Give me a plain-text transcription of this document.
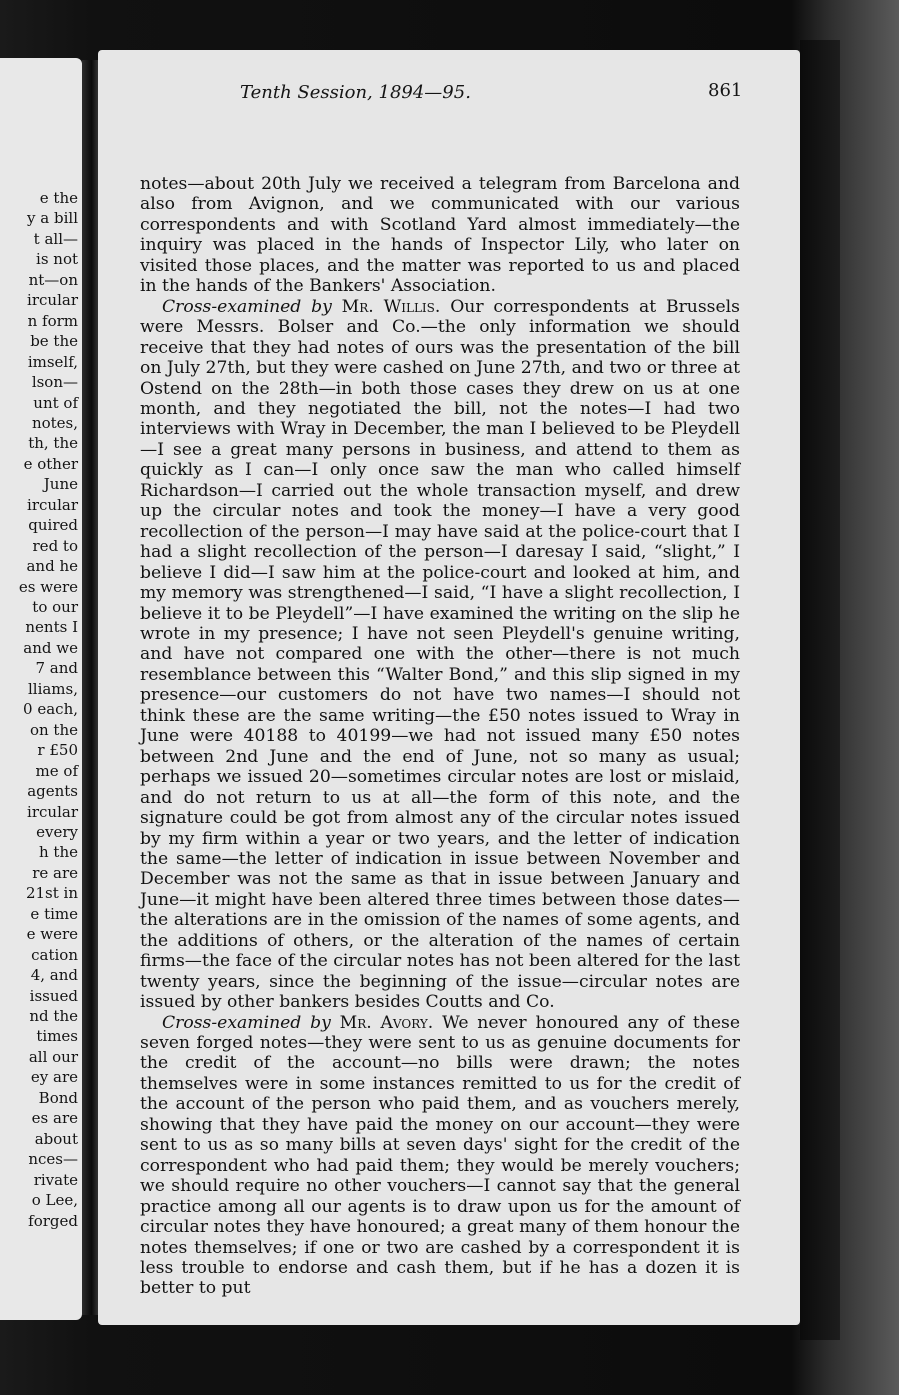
e the
y a bill
t all—
is not
nt—on
ircular
n form
be the
imself,
lson—
unt of
notes,
th, the
e other
June
ircular
quired
red to
and he
es were
to our
nents I
and we
7 and
lliams,
0 each,
on the
r £50
me of
agents
ircular
every
h the
re are
21st in
e time
e were
cation
4, and
issued
nd the
times
all our
ey are
Bond
es are
about
nces—
rivate
o Lee,
forged
Tenth Session, 1894—95.	861

notes—about 20th July we received a telegram from Barcelona and also from Avignon, and we communicated with our various correspondents and with Scotland Yard almost immediately—the inquiry was placed in the hands of Inspector Lily, who later on visited those places, and the matter was reported to us and placed in the hands of the Bankers' Association.

Cross-examined by Mr. Willis. Our correspondents at Brussels were Messrs. Bolser and Co.—the only information we should receive that they had notes of ours was the presentation of the bill on July 27th, but they were cashed on June 27th, and two or three at Ostend on the 28th—in both those cases they drew on us at one month, and they negotiated the bill, not the notes—I had two interviews with Wray in December, the man I believed to be Pleydell—I see a great many persons in business, and attend to them as quickly as I can—I only once saw the man who called himself Richardson—I carried out the whole transaction myself, and drew up the circular notes and took the money—I have a very good recollection of the person—I may have said at the police-court that I had a slight recollection of the person—I daresay I said, “slight,” I believe I did—I saw him at the police-court and looked at him, and my memory was strengthened—I said, “I have a slight recollection, I believe it to be Pleydell”—I have examined the writing on the slip he wrote in my presence; I have not seen Pleydell's genuine writing, and have not compared one with the other—there is not much resemblance between this “Walter Bond,” and this slip signed in my presence—our customers do not have two names—I should not think these are the same writing—the £50 notes issued to Wray in June were 40188 to 40199—we had not issued many £50 notes between 2nd June and the end of June, not so many as usual; perhaps we issued 20—sometimes circular notes are lost or mislaid, and do not return to us at all—the form of this note, and the signature could be got from almost any of the circular notes issued by my firm within a year or two years, and the letter of indication the same—the letter of indication in issue between November and December was not the same as that in issue between January and June—it might have been altered three times between those dates—the alterations are in the omission of the names of some agents, and the additions of others, or the alteration of the names of certain firms—the face of the circular notes has not been altered for the last twenty years, since the beginning of the issue—circular notes are issued by other bankers besides Coutts and Co.

Cross-examined by Mr. Avory. We never honoured any of these seven forged notes—they were sent to us as genuine documents for the credit of the account—no bills were drawn; the notes themselves were in some instances remitted to us for the credit of the account of the person who paid them, and as vouchers merely, showing that they have paid the money on our account—they were sent to us as so many bills at seven days' sight for the credit of the correspondent who had paid them; they would be merely vouchers; we should require no other vouchers—I cannot say that the general practice among all our agents is to draw upon us for the amount of circular notes they have honoured; a great many of them honour the notes themselves; if one or two are cashed by a correspondent it is less trouble to endorse and cash them, but if he has a dozen it is better to put
